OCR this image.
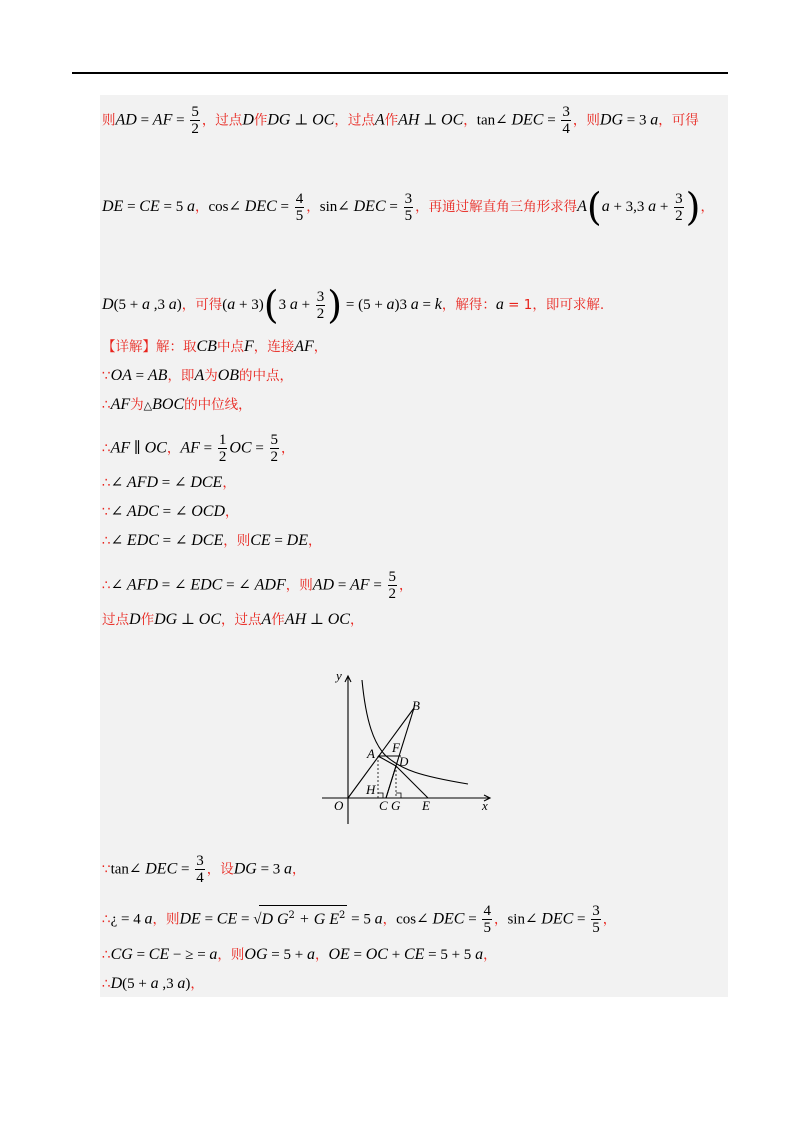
则AD = AF = $\frac{5}{2}$ ，过点D作DG ⊥ OC，过点A作AH ⊥ OC，tan∠ DEC = $\frac{3}{4}$ ，则DG = 3 a，可得
DE = CE = 5 a，cos∠ DEC = $\frac{4}{5}$ ，sin∠ DEC = $\frac{3}{5}$ ，再通过解直角三角形求得A(a + 3,3 $a + \frac{3}{2}$ )，
D(5 + a ,3 a)，可得(a + 3)(3 $a + \frac{3}{2}$ ) = (5 + a)3 a = k，解得：a = 1，即可求解.
【详解】解：取CB中点F，连接AF，
∵OA = AB，即A为OB的中点，
∴AF为△BOC的中位线，
∴AF ∥ OC，AF = $\frac{1}{2}$ OC = $\frac{5}{2}$ ，
∴∠ AFD = ∠ DCE，
∵∠ ADC = ∠ OCD，
∴∠ EDC = ∠ DCE，则CE = DE，
∴∠ AFD = ∠ EDC = ∠ ADF，则AD = AF = $\frac{5}{2}$ ，
过点D作DG ⊥ OC，过点A作AH ⊥ OC，
y
x
O
A
B
F
D
H
C G E
∵tan∠ DEC = $\frac{3}{4}$ ，设DG = 3 a，
∴¿ = 4 a，则DE = CE = √D $G^2 + G$ $E^2 = 5$ a，cos∠ DEC = $\frac{4}{5}$ ，sin∠ DEC = $\frac{3}{5}$ ，
∴CG = CE − ≥ = a，则OG = 5 + a，OE = OC + CE = 5 + 5 a，
∴D(5 + a ,3 a)，
